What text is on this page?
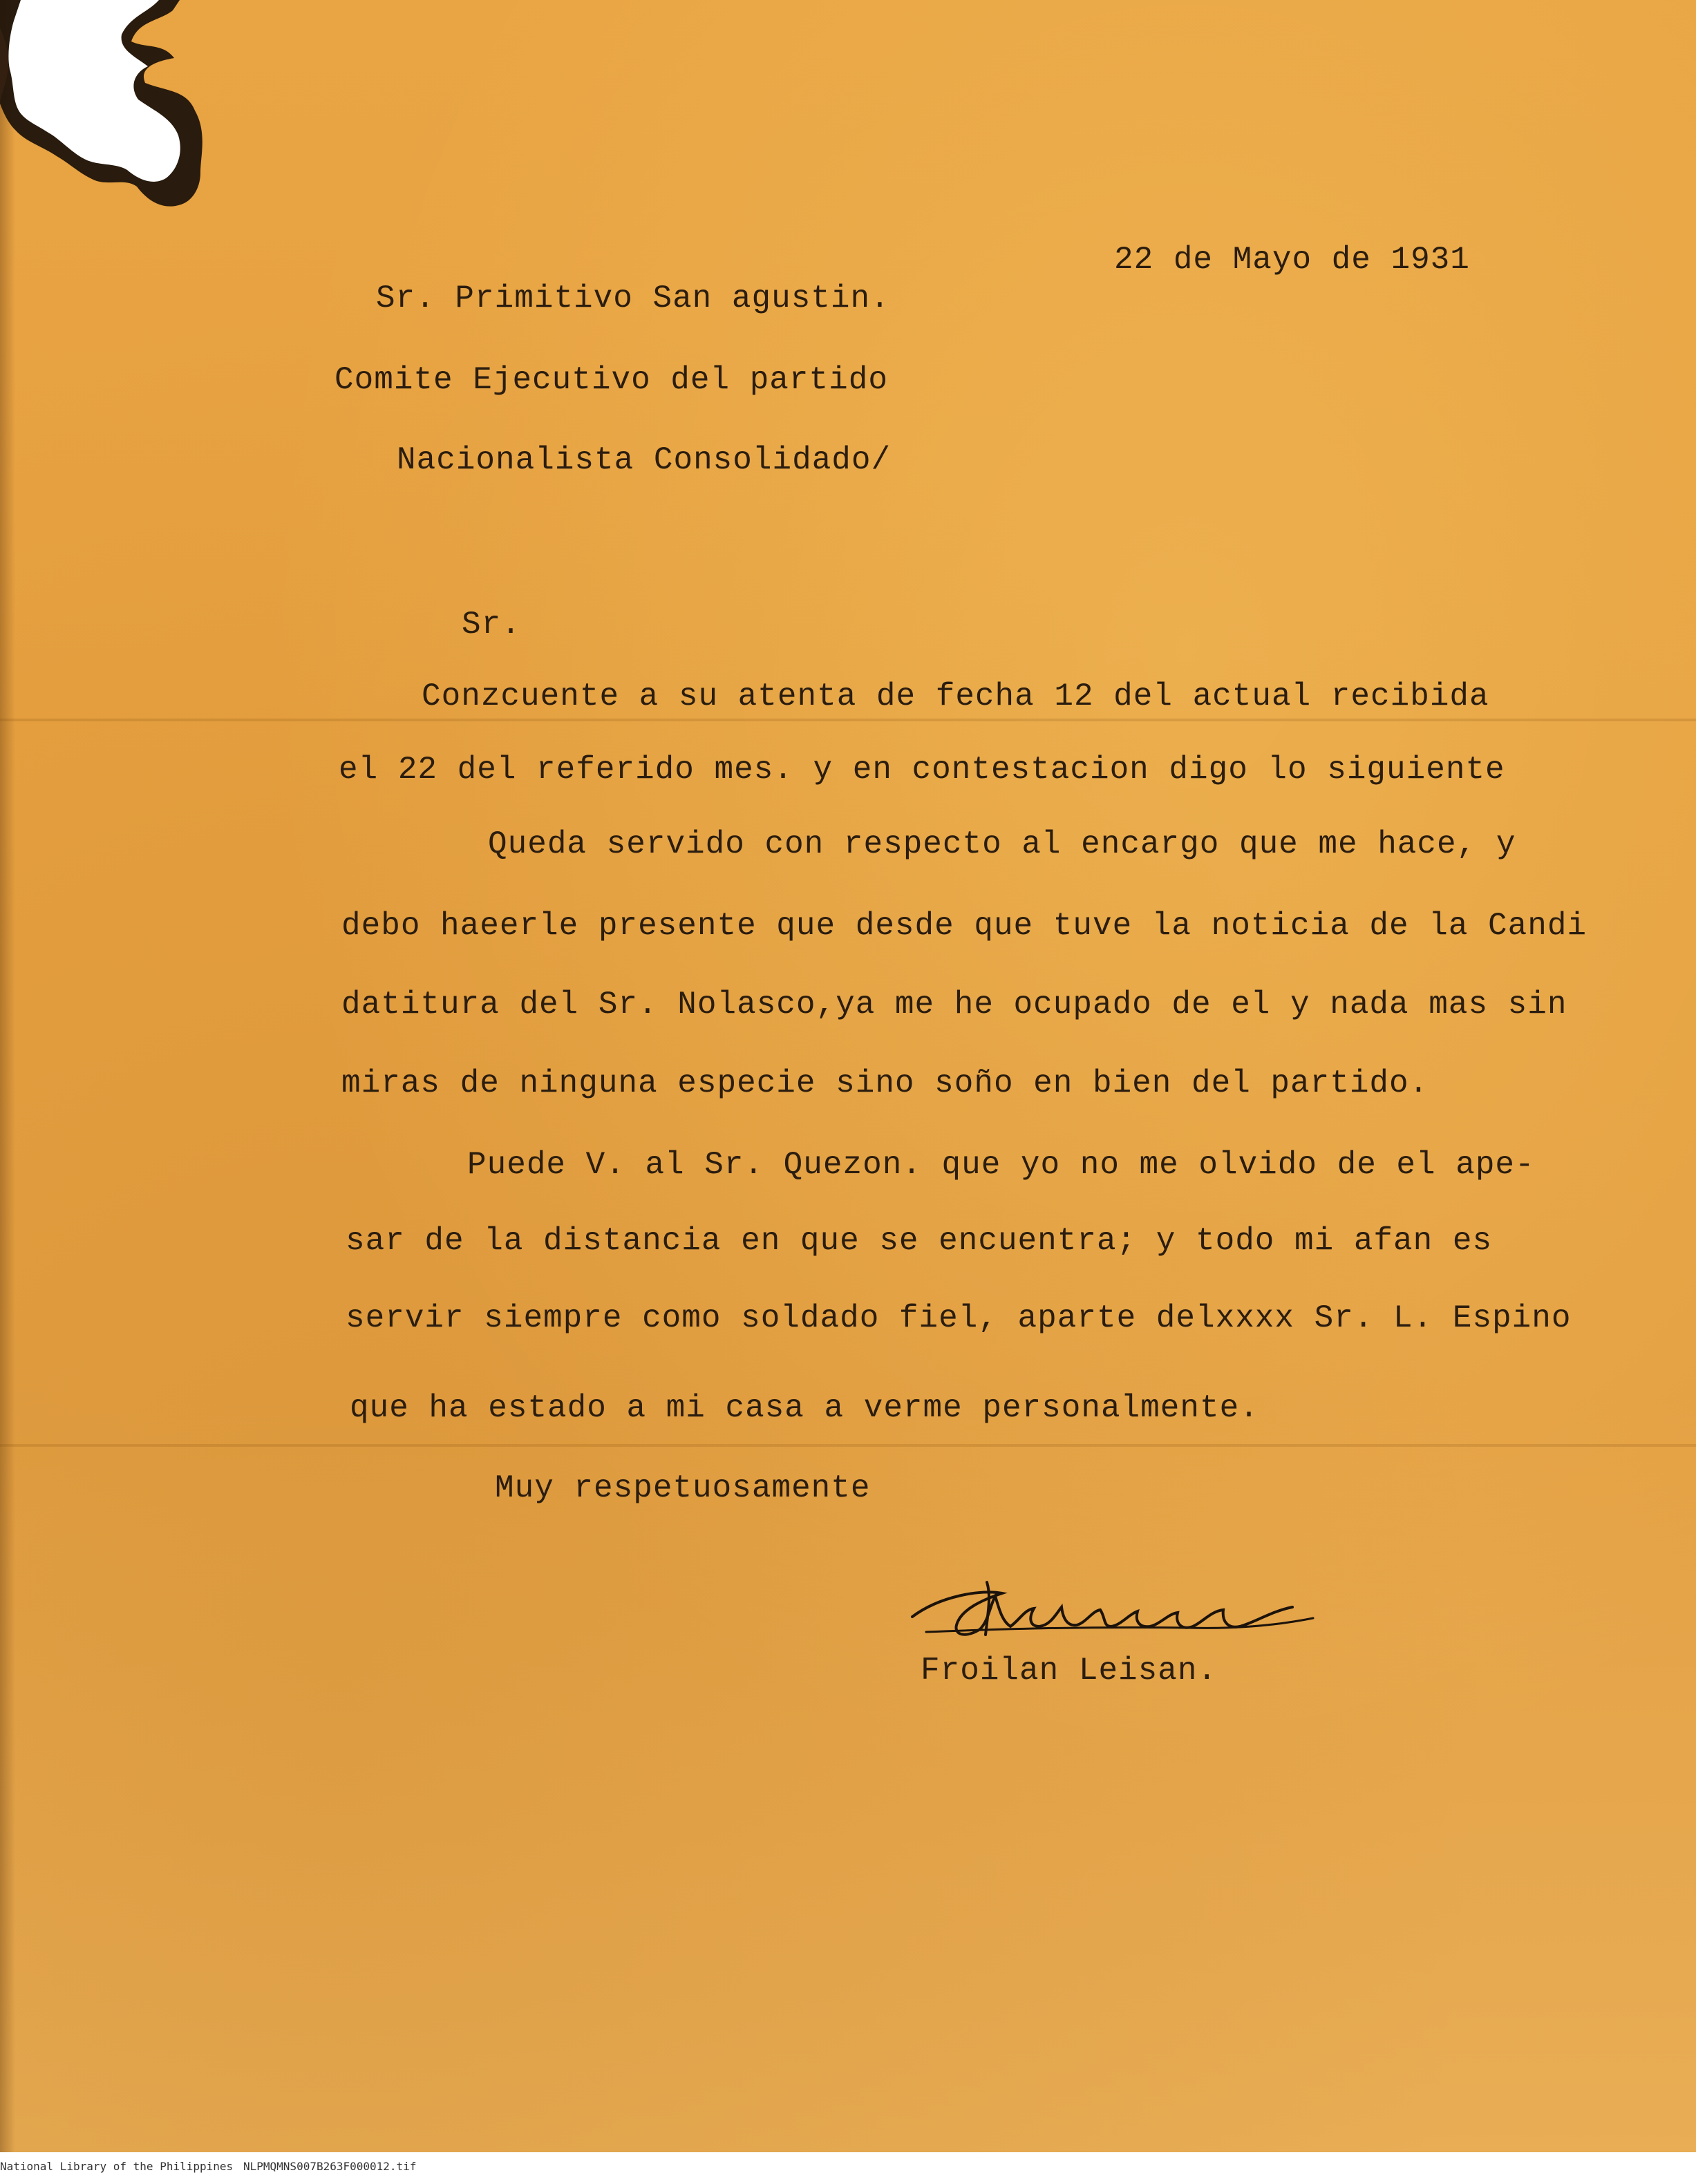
22 de Mayo de 1931
Sr. Primitivo San agustin.
Comite Ejecutivo del partido
Nacionalista Consolidado/
Sr.
Conzcuente a su atenta de fecha 12 del actual recibida
el 22 del referido mes. y en contestacion digo lo siguiente
Queda servido con respecto al encargo que me hace, y
debo haeerle presente que desde que tuve la noticia de la Candi
datitura del Sr. Nolasco,ya me he ocupado de el y nada mas sin
miras de ninguna especie sino soño en bien del partido.
Puede V. al Sr. Quezon. que yo no me olvido de el ape-
sar de la distancia en que se encuentra; y todo mi afan es
servir siempre como soldado fiel, aparte delxxxx Sr. L. Espino
que ha estado a mi casa a verme personalmente.
Muy respetuosamente
Froilan Leisan.
National Library of the Philippines NLPMQMNS007B263F000012.tif
